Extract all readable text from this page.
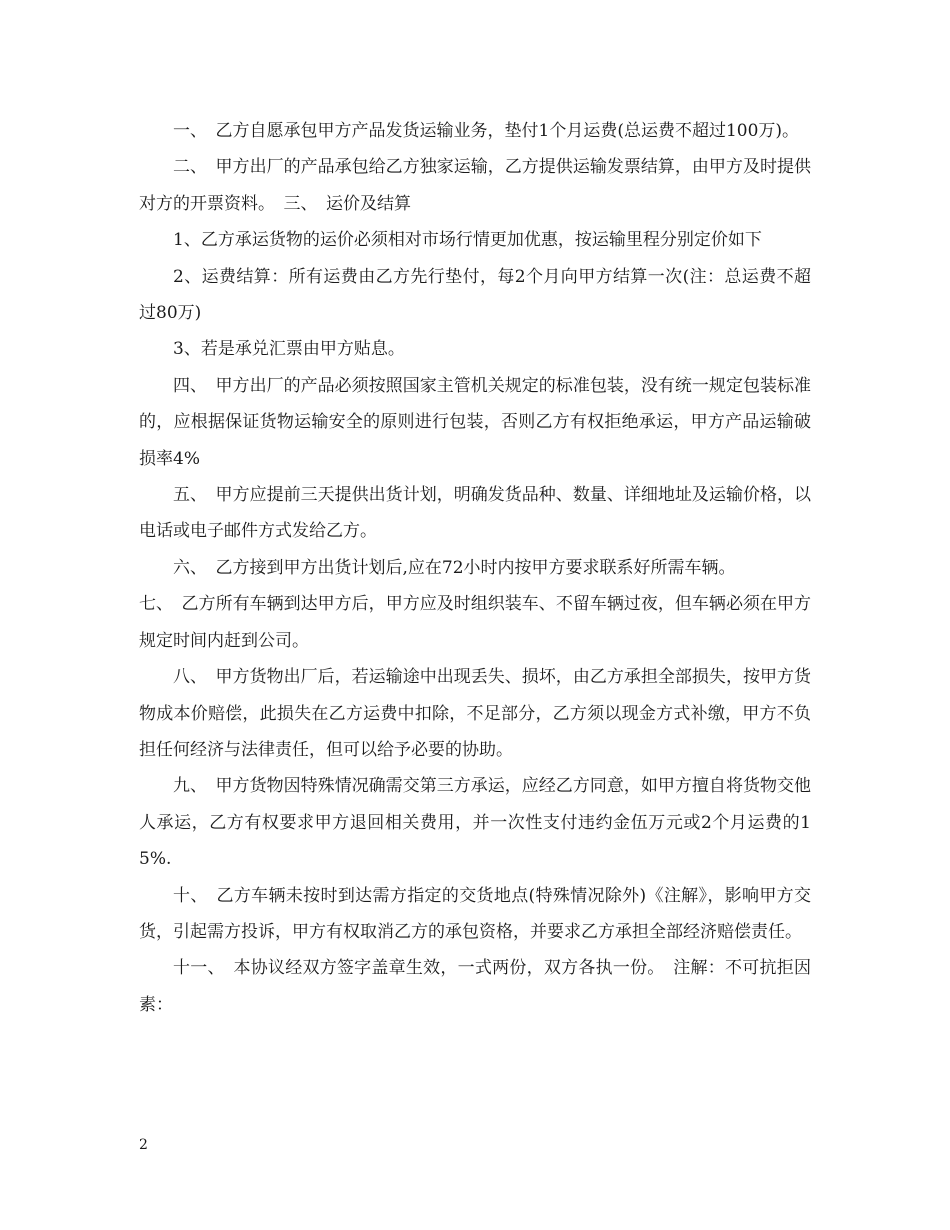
一、　乙方自愿承包甲方产品发货运输业务，垫付1个月运费(总运费不超过100万)。

二、　甲方出厂的产品承包给乙方独家运输，乙方提供运输发票结算，由甲方及时提供对方的开票资料。　三、　运价及结算

1、乙方承运货物的运价必须相对市场行情更加优惠，按运输里程分别定价如下

2、运费结算：所有运费由乙方先行垫付，每2个月向甲方结算一次(注：总运费不超过80万)

3、若是承兑汇票由甲方贴息。

四、　甲方出厂的产品必须按照国家主管机关规定的标准包装，没有统一规定包装标准的，应根据保证货物运输安全的原则进行包装，否则乙方有权拒绝承运，甲方产品运输破损率4%

五、　甲方应提前三天提供出货计划，明确发货品种、数量、详细地址及运输价格，以电话或电子邮件方式发给乙方。

六、　乙方接到甲方出货计划后,应在72小时内按甲方要求联系好所需车辆。

七、　乙方所有车辆到达甲方后，甲方应及时组织装车、不留车辆过夜，但车辆必须在甲方规定时间内赶到公司。

八、　甲方货物出厂后，若运输途中出现丢失、损坏，由乙方承担全部损失，按甲方货物成本价赔偿，此损失在乙方运费中扣除，不足部分，乙方须以现金方式补缴，甲方不负担任何经济与法律责任，但可以给予必要的协助。

九、　甲方货物因特殊情况确需交第三方承运，应经乙方同意，如甲方擅自将货物交他人承运，乙方有权要求甲方退回相关费用，并一次性支付违约金伍万元或2个月运费的15%.

十、　乙方车辆未按时到达需方指定的交货地点(特殊情况除外)《注解》，影响甲方交货，引起需方投诉，甲方有权取消乙方的承包资格，并要求乙方承担全部经济赔偿责任。

十一、　本协议经双方签字盖章生效，一式两份，双方各执一份。　注解：不可抗拒因素：

2
